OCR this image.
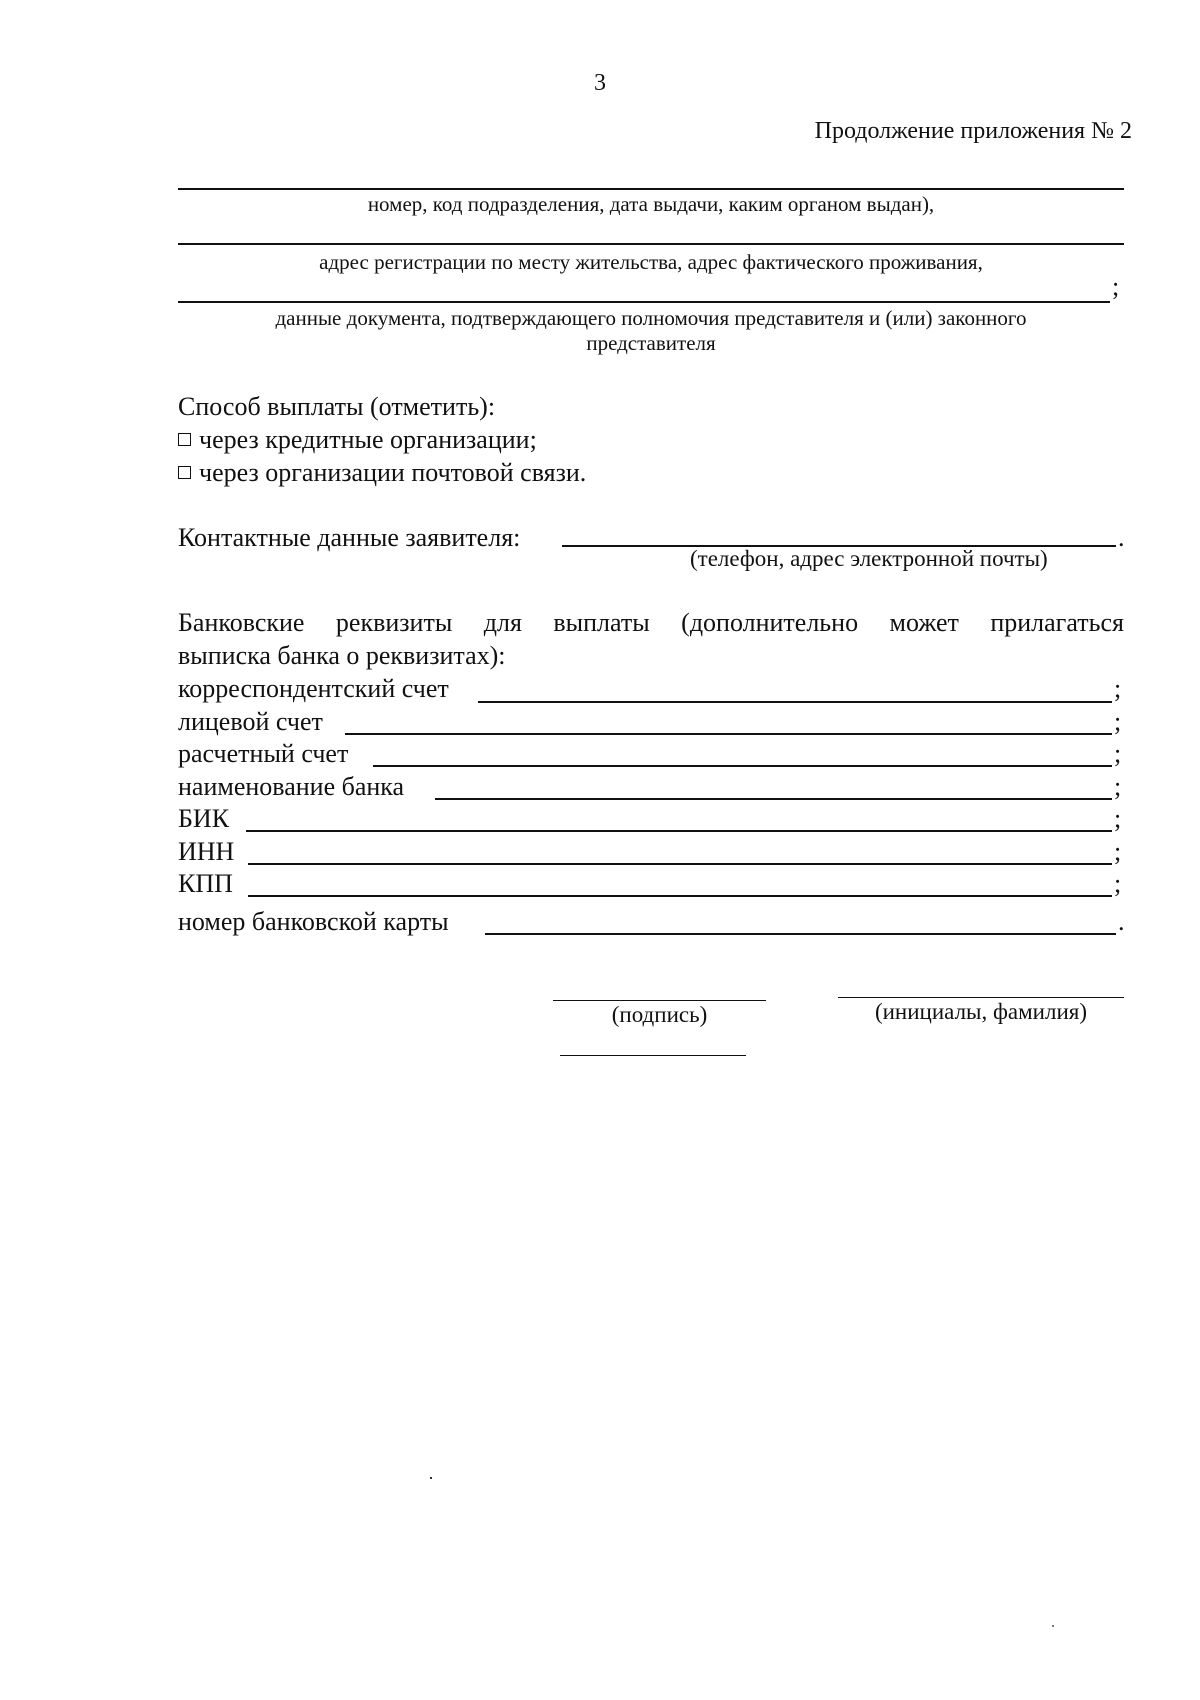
3
Продолжение приложения № 2
номер, код подразделения, дата выдачи, каким органом выдан),
адрес регистрации по месту жительства, адрес фактического проживания,
;
данные документа, подтверждающего полномочия представителя и (или) законного
представителя
Способ выплаты (отметить):
через кредитные организации;
через организации почтовой связи.
Контактные данные заявителя:	.
(телефон, адрес электронной почты)
Банковские реквизиты для выплаты (дополнительно может прилагаться
выписка банка о реквизитах):
корреспондентский счет	;
лицевой счет	;
расчетный счет	;
наименование банка	;
БИК	;
ИНН	;
КПП	;
номер банковской карты	.
(подпись)	(инициалы, фамилия)
